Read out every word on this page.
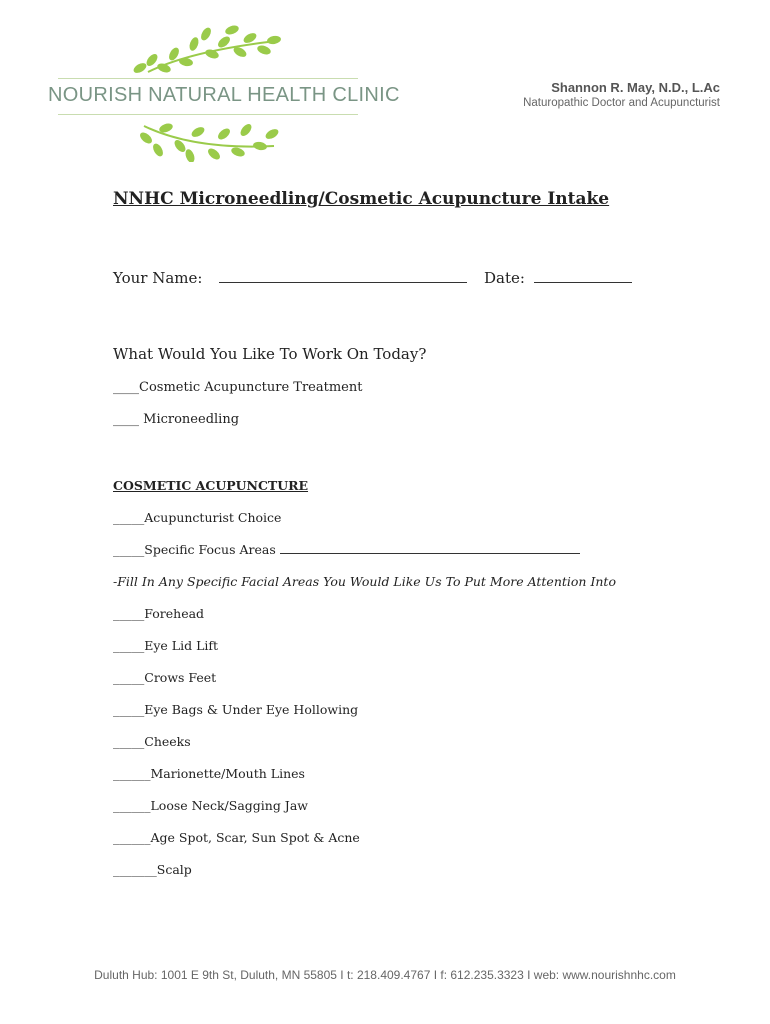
NOURISH NATURAL HEALTH CLINIC	Shannon R. May, N.D., L.Ac
Naturopathic Doctor and Acupuncturist
NNHC Microneedling/Cosmetic Acupuncture Intake
Your Name:	Date:
What Would You Like To Work On Today?
____Cosmetic Acupuncture Treatment
____ Microneedling
COSMETIC ACUPUNCTURE
_____Acupuncturist Choice
_____Specific Focus Areas
-Fill In Any Specific Facial Areas You Would Like Us To Put More Attention Into
_____Forehead
_____Eye Lid Lift
_____Crows Feet
_____Eye Bags & Under Eye Hollowing
_____Cheeks
______Marionette/Mouth Lines
______Loose Neck/Sagging Jaw
______Age Spot, Scar, Sun Spot & Acne
_______Scalp
Duluth Hub: 1001 E 9th St, Duluth, MN 55805 I t: 218.409.4767 I f: 612.235.3323 I web: www.nourishnhc.com
